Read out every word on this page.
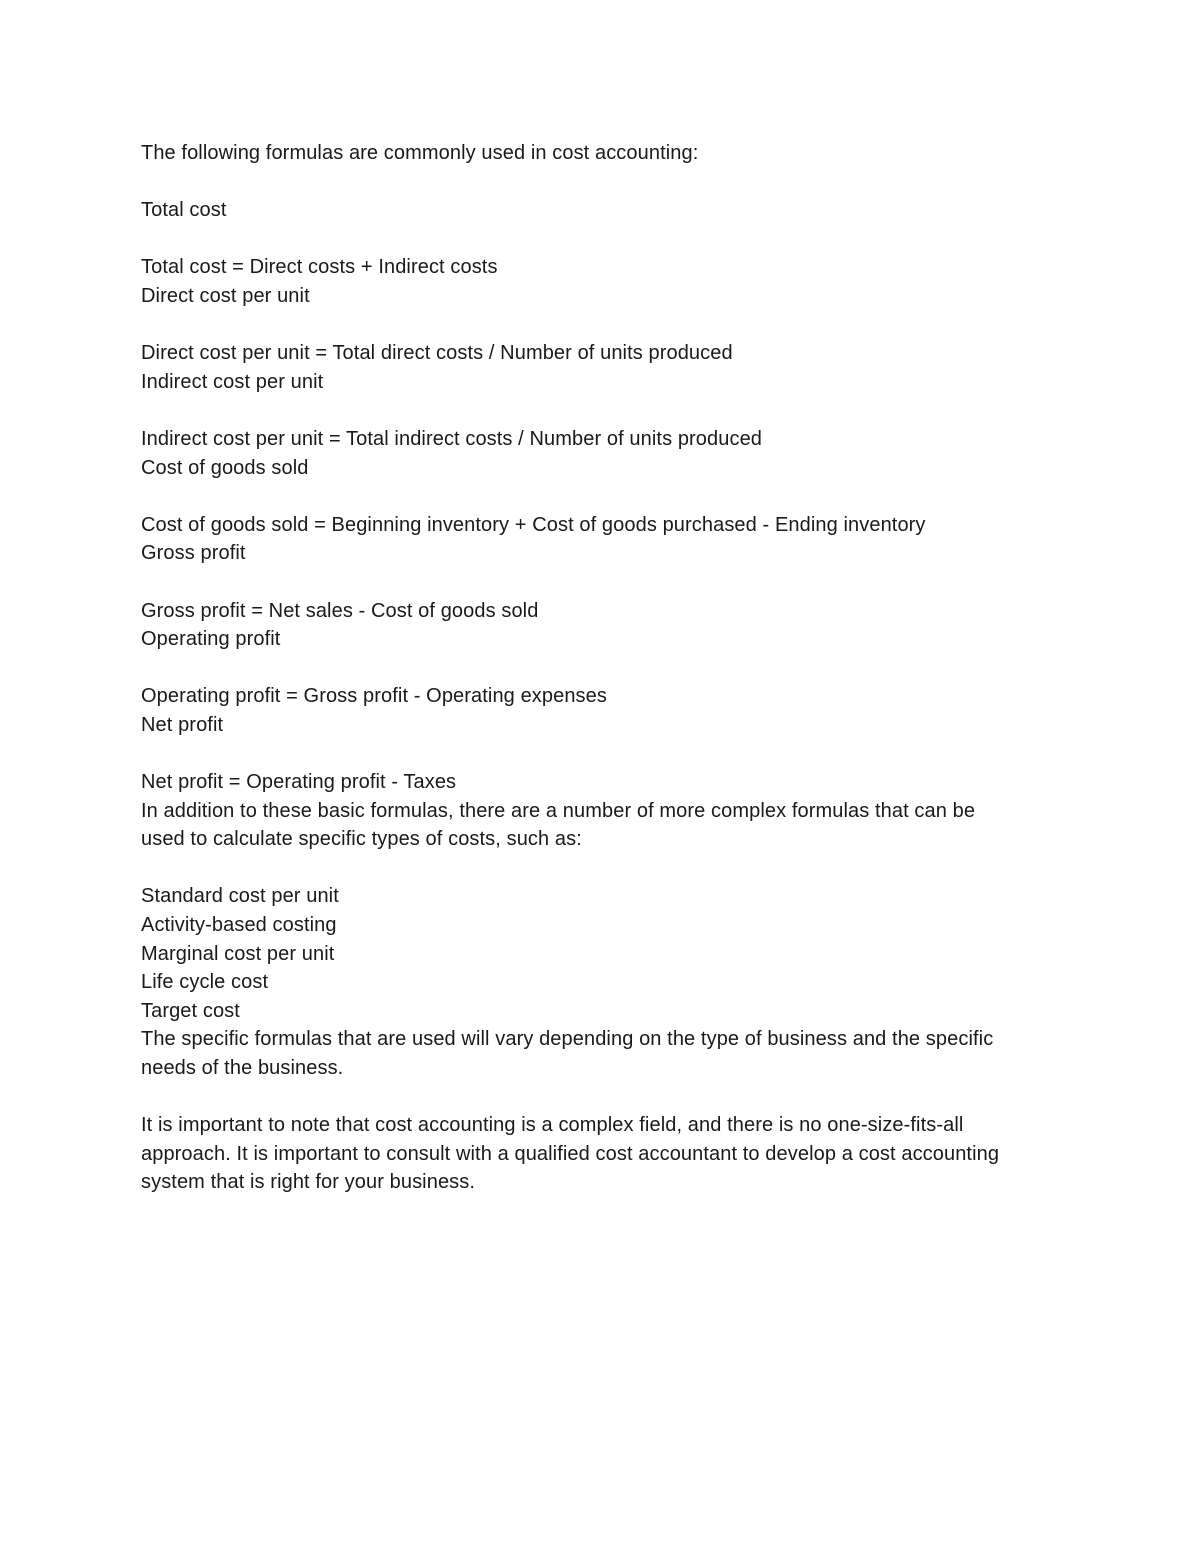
The following formulas are commonly used in cost accounting:
Total cost
Total cost = Direct costs + Indirect costs
Direct cost per unit
Direct cost per unit = Total direct costs / Number of units produced
Indirect cost per unit
Indirect cost per unit = Total indirect costs / Number of units produced
Cost of goods sold
Cost of goods sold = Beginning inventory + Cost of goods purchased - Ending inventory
Gross profit
Gross profit = Net sales - Cost of goods sold
Operating profit
Operating profit = Gross profit - Operating expenses
Net profit
Net profit = Operating profit - Taxes
In addition to these basic formulas, there are a number of more complex formulas that can be
used to calculate specific types of costs, such as:
Standard cost per unit
Activity-based costing
Marginal cost per unit
Life cycle cost
Target cost
The specific formulas that are used will vary depending on the type of business and the specific
needs of the business.
It is important to note that cost accounting is a complex field, and there is no one-size-fits-all
approach. It is important to consult with a qualified cost accountant to develop a cost accounting
system that is right for your business.
